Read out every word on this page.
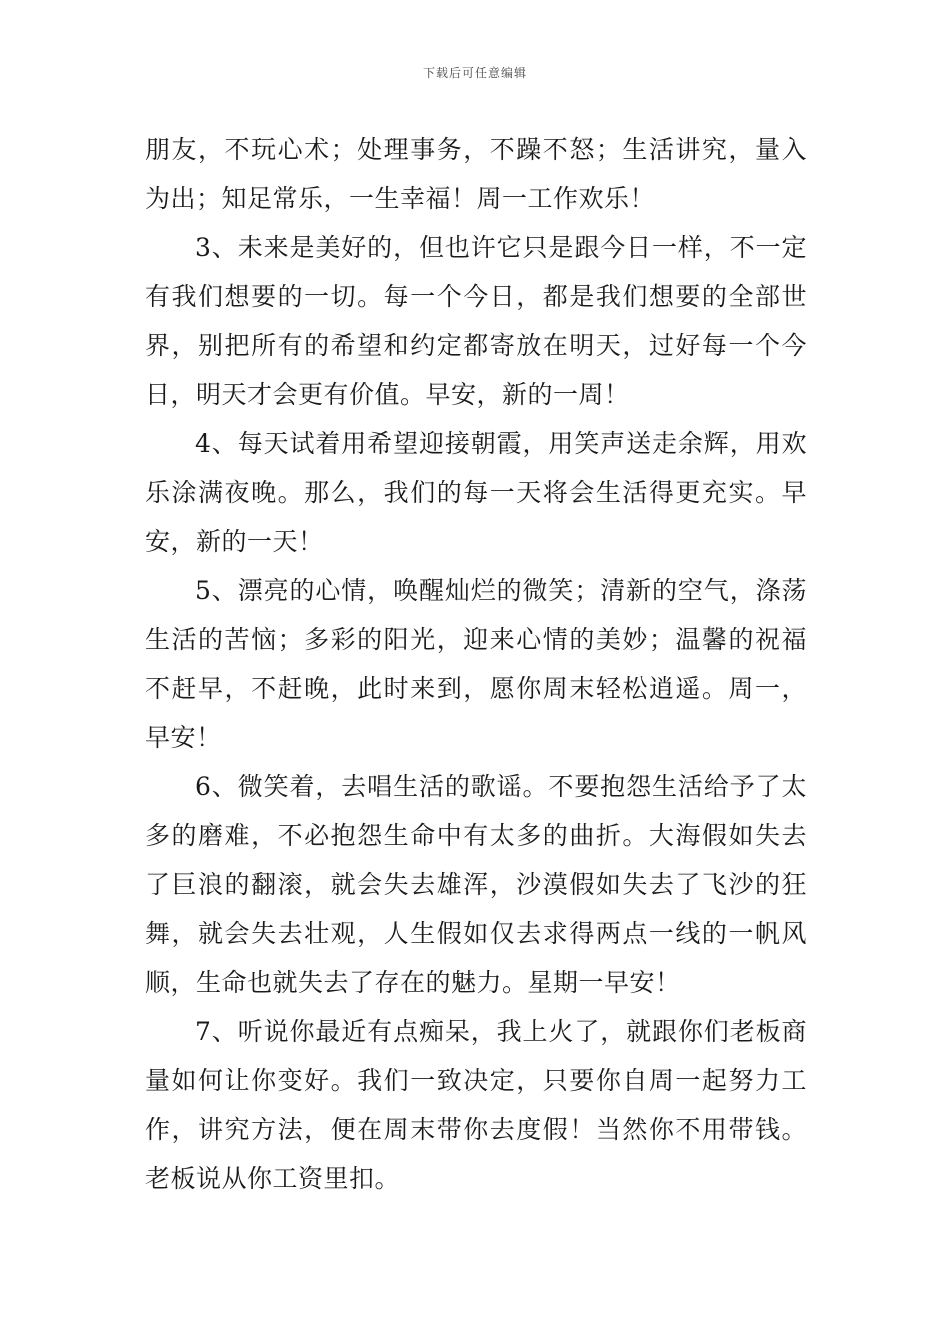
下载后可任意编辑

朋友，不玩心术；处理事务，不躁不怒；生活讲究，量入为出；知足常乐，一生幸福！周一工作欢乐！

3、未来是美好的，但也许它只是跟今日一样，不一定有我们想要的一切。每一个今日，都是我们想要的全部世界，别把所有的希望和约定都寄放在明天，过好每一个今日，明天才会更有价值。早安，新的一周！

4、每天试着用希望迎接朝霞，用笑声送走余辉，用欢乐涂满夜晚。那么，我们的每一天将会生活得更充实。早安，新的一天！

5、漂亮的心情，唤醒灿烂的微笑；清新的空气，涤荡生活的苦恼；多彩的阳光，迎来心情的美妙；温馨的祝福不赶早，不赶晚，此时来到，愿你周末轻松逍遥。周一，早安！

6、微笑着，去唱生活的歌谣。不要抱怨生活给予了太多的磨难，不必抱怨生命中有太多的曲折。大海假如失去了巨浪的翻滚，就会失去雄浑，沙漠假如失去了飞沙的狂舞，就会失去壮观，人生假如仅去求得两点一线的一帆风顺，生命也就失去了存在的魅力。星期一早安！

7、听说你最近有点痴呆，我上火了，就跟你们老板商量如何让你变好。我们一致决定，只要你自周一起努力工作，讲究方法，便在周末带你去度假！当然你不用带钱。老板说从你工资里扣。
